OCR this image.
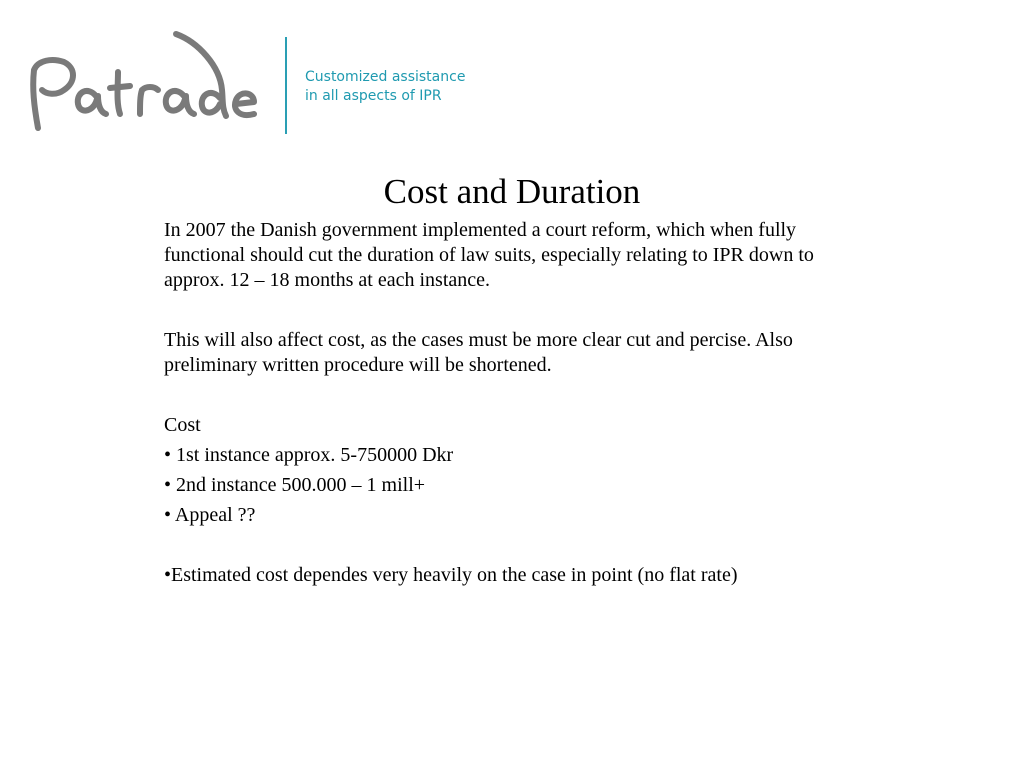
Customized assistance
in all aspects of IPR
Cost and Duration

In 2007 the Danish government implemented a court reform, which when fully functional should cut the duration of law suits, especially relating to IPR down to approx. 12 – 18 months at each instance.

This will also affect cost, as the cases must be more clear cut and percise. Also preliminary written procedure will be shortened.

Cost

• 1st instance approx. 5-750000 Dkr

• 2nd instance 500.000 – 1 mill+

• Appeal ??

•Estimated cost dependes very heavily on the case in point (no flat rate)
